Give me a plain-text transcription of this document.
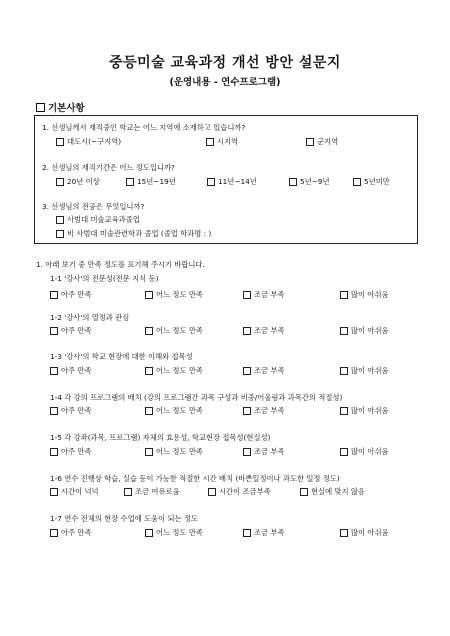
중등미술 교육과정 개선 방안 설문지
(운영내용 - 연수프로그램)
기본사항
1. 선생님께서 재직중인 학교는 어느 지역에 소재하고 있습니까?
대도시(~구지역)	시지역	군지역
2. 선생님의 재직기간은 어느 정도입니까?
20년 이상	15년~19년	11년~14년	5년~9년	5년미만
3. 선생님의 전공은 무엇입니까?
사범대 미술교육과졸업
비 사범대 미술관련학과 졸업 (졸업 학과명 : )
1. 아래 보기 중 만족 정도를 표기해 주시기 바랍니다.
1-1 '강사'의 전문성(전문 지식 등)
아주 만족	어느 정도 만족	조금 부족	많이 아쉬움
1-2 '강사'의 열정과 관심
아주 만족	어느 정도 만족	조금 부족	많이 아쉬움
1-3 '강사'의 학교 현장에 대한 이해와 접목성
아주 만족	어느 정도 만족	조금 부족	많이 아쉬움
1-4 각 강의 프로그램의 배치 (강의 프로그램간 과목 구성과 비중/어울림과 과목간의 적절성)
아주 만족	어느 정도 만족	조금 부족	많이 아쉬움
1-5 각 강좌(과목, 프로그램) 자체의 효용성, 학교현장 접목성(현실성)
아주 만족	어느 정도 만족	조금 부족	많이 아쉬움
1-6 연수 진행상 학습, 실습 등이 가능한 적절한 시간 배치 (바쁜일정이나 과도한 일정 정도)
시간이 넉넉	조금 여유로움	시간이 조금부족	현실에 맞지 않음
1-7 연수 전체의 현장 수업에 도움이 되는 정도
아주 만족	어느 정도 만족	조금 부족	많이 아쉬움
